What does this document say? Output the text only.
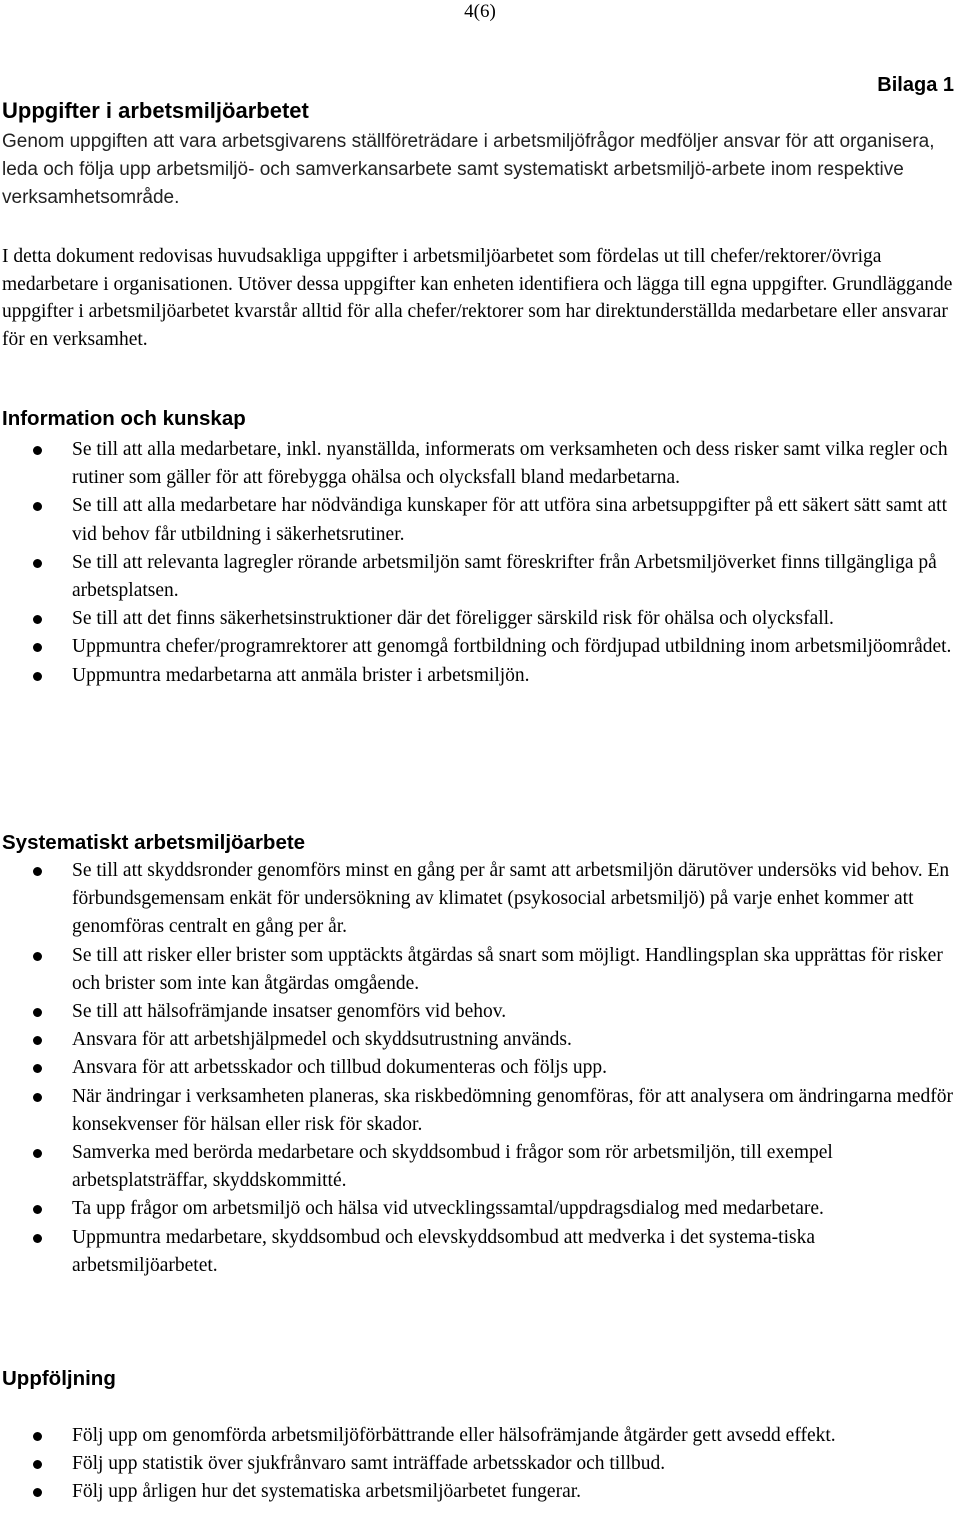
4(6)
Bilaga 1
Uppgifter i arbetsmiljöarbetet

Genom uppgiften att vara arbetsgivarens ställföreträdare i arbetsmiljöfrågor medföljer ansvar för att organisera, leda och följa upp arbetsmiljö- och samverkansarbete samt systematiskt arbetsmiljö-arbete inom respektive verksamhetsområde.

I detta dokument redovisas huvudsakliga uppgifter i arbetsmiljöarbetet som fördelas ut till chefer/rektorer/övriga medarbetare i organisationen. Utöver dessa uppgifter kan enheten identifiera och lägga till egna uppgifter. Grundläggande uppgifter i arbetsmiljöarbetet kvarstår alltid för alla chefer/rektorer som har direktunderställda medarbetare eller ansvarar för en verksamhet.

Information och kunskap
Se till att alla medarbetare, inkl. nyanställda, informerats om verksamheten och dess risker samt vilka regler och rutiner som gäller för att förebygga ohälsa och olycksfall bland medarbetarna.
Se till att alla medarbetare har nödvändiga kunskaper för att utföra sina arbetsuppgifter på ett säkert sätt samt att vid behov får utbildning i säkerhetsrutiner.
Se till att relevanta lagregler rörande arbetsmiljön samt föreskrifter från Arbetsmiljöverket finns tillgängliga på arbetsplatsen.
Se till att det finns säkerhetsinstruktioner där det föreligger särskild risk för ohälsa och olycksfall.
Uppmuntra chefer/programrektorer att genomgå fortbildning och fördjupad utbildning inom arbetsmiljöområdet.
Uppmuntra medarbetarna att anmäla brister i arbetsmiljön.
Systematiskt arbetsmiljöarbete
Se till att skyddsronder genomförs minst en gång per år samt att arbetsmiljön därutöver undersöks vid behov. En förbundsgemensam enkät för undersökning av klimatet (psykosocial arbetsmiljö) på varje enhet kommer att genomföras centralt en gång per år.
Se till att risker eller brister som upptäckts åtgärdas så snart som möjligt. Handlingsplan ska upprättas för risker och brister som inte kan åtgärdas omgående.
Se till att hälsofrämjande insatser genomförs vid behov.
Ansvara för att arbetshjälpmedel och skyddsutrustning används.
Ansvara för att arbetsskador och tillbud dokumenteras och följs upp.
När ändringar i verksamheten planeras, ska riskbedömning genomföras, för att analysera om ändringarna medför konsekvenser för hälsan eller risk för skador.
Samverka med berörda medarbetare och skyddsombud i frågor som rör arbetsmiljön, till exempel arbetsplatsträffar, skyddskommitté.
Ta upp frågor om arbetsmiljö och hälsa vid utvecklingssamtal/uppdragsdialog med medarbetare.
Uppmuntra medarbetare, skyddsombud och elevskyddsombud att medverka i det systema-tiska arbetsmiljöarbetet.
Uppföljning
Följ upp om genomförda arbetsmiljöförbättrande eller hälsofrämjande åtgärder gett avsedd effekt.
Följ upp statistik över sjukfrånvaro samt inträffade arbetsskador och tillbud.
Följ upp årligen hur det systematiska arbetsmiljöarbetet fungerar.
